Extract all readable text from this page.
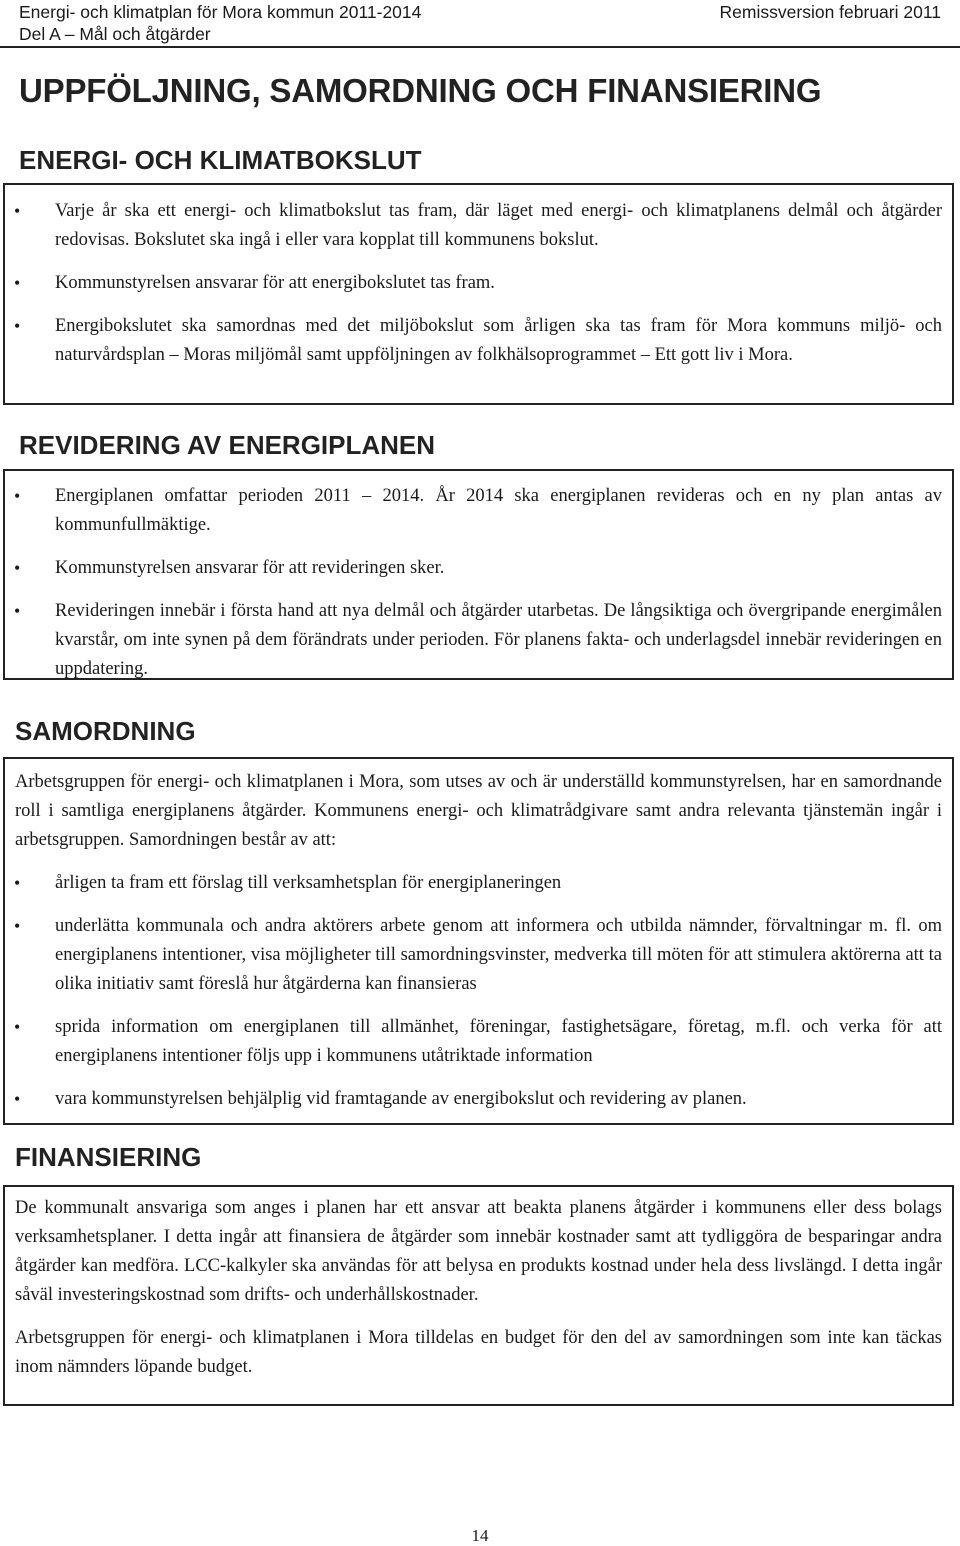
Energi- och klimatplan för Mora kommun 2011-2014
Del A – Mål och åtgärder
Remissversion februari 2011
UPPFÖLJNING, SAMORDNING OCH FINANSIERING
ENERGI- OCH KLIMATBOKSLUT
• Varje år ska ett energi- och klimatbokslut tas fram, där läget med energi- och klimatplanens delmål och åtgärder redovisas. Bokslutet ska ingå i eller vara kopplat till kommunens bokslut.
• Kommunstyrelsen ansvarar för att energibokslutet tas fram.
• Energibokslutet ska samordnas med det miljöbokslut som årligen ska tas fram för Mora kommuns miljö- och naturvårdsplan – Moras miljömål samt uppföljningen av folkhälsoprogrammet – Ett gott liv i Mora.
REVIDERING AV ENERGIPLANEN
• Energiplanen omfattar perioden 2011 – 2014. År 2014 ska energiplanen revideras och en ny plan antas av kommunfullmäktige.
• Kommunstyrelsen ansvarar för att revideringen sker.
• Revideringen innebär i första hand att nya delmål och åtgärder utarbetas. De långsiktiga och övergripande energimålen kvarstår, om inte synen på dem förändrats under perioden. För planens fakta- och underlagsdel innebär revideringen en uppdatering.
SAMORDNING

Arbetsgruppen för energi- och klimatplanen i Mora, som utses av och är underställd kommunstyrelsen, har en samordnande roll i samtliga energiplanens åtgärder. Kommunens energi- och klimatrådgivare samt andra relevanta tjänstemän ingår i arbetsgruppen. Samordningen består av att:

• årligen ta fram ett förslag till verksamhetsplan för energiplaneringen
• underlätta kommunala och andra aktörers arbete genom att informera och utbilda nämnder, förvaltningar m. fl. om energiplanens intentioner, visa möjligheter till samordningsvinster, medverka till möten för att stimulera aktörerna att ta olika initiativ samt föreslå hur åtgärderna kan finansieras
• sprida information om energiplanen till allmänhet, föreningar, fastighetsägare, företag, m.fl. och verka för att energiplanens intentioner följs upp i kommunens utåtriktade information
• vara kommunstyrelsen behjälplig vid framtagande av energibokslut och revidering av planen.
FINANSIERING

De kommunalt ansvariga som anges i planen har ett ansvar att beakta planens åtgärder i kommunens eller dess bolags verksamhetsplaner. I detta ingår att finansiera de åtgärder som innebär kostnader samt att tydliggöra de besparingar andra åtgärder kan medföra. LCC-kalkyler ska användas för att belysa en produkts kostnad under hela dess livslängd. I detta ingår såväl investeringskostnad som drifts- och underhållskostnader.

Arbetsgruppen för energi- och klimatplanen i Mora tilldelas en budget för den del av samordningen som inte kan täckas inom nämnders löpande budget.

14
